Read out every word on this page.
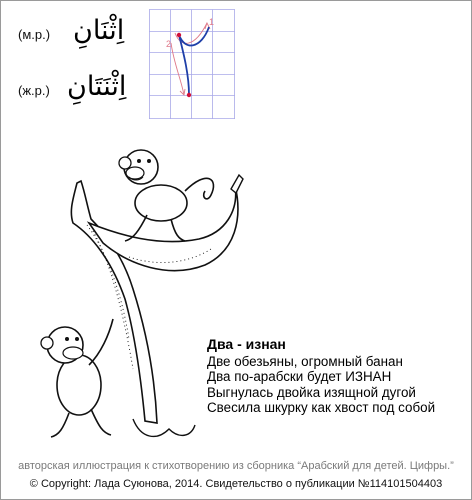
(м.р.) اِثْنَانِ
(ж.р.) اِثْنَتَانِ
1
2
Два - изнан
Две обезьяны, огромный банан
Два по-арабски будет ИЗНАН
Выгнулась двойка изящной дугой
Свесила шкурку как хвост под собой
авторская иллюстрация к стихотворению из сборника “Арабский для детей. Цифры.”
© Copyright: Лада Суюнова, 2014. Свидетельство о публикации №114101504403
